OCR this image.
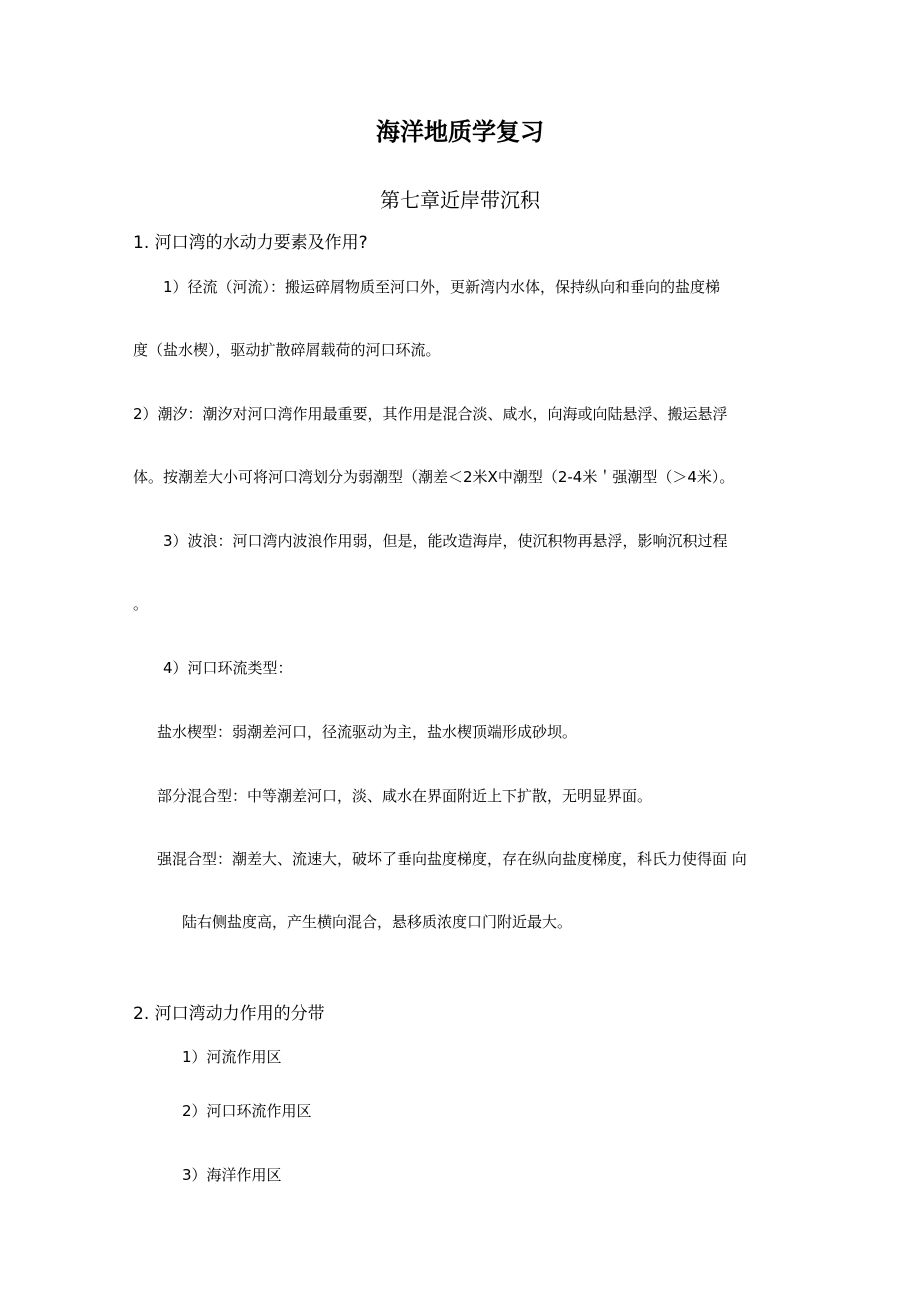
海洋地质学复习
第七章近岸带沉积
1. 河口湾的水动力要素及作用?
1）径流（河流）：搬运碎屑物质至河口外，更新湾内水体，保持纵向和垂向的盐度梯
度（盐水楔），驱动扩散碎屑载荷的河口环流。
2）潮汐：潮汐对河口湾作用最重要，其作用是混合淡、咸水，向海或向陆悬浮、搬运悬浮
体。按潮差大小可将河口湾划分为弱潮型（潮差＜2米X中潮型（2-4米＇强潮型（＞4米）。
3）波浪：河口湾内波浪作用弱，但是，能改造海岸，使沉积物再悬浮，影响沉积过程
。
4）河口环流类型：
盐水楔型：弱潮差河口，径流驱动为主，盐水楔顶端形成砂坝。
部分混合型：中等潮差河口，淡、咸水在界面附近上下扩散，无明显界面。
强混合型：潮差大、流速大，破坏了垂向盐度梯度，存在纵向盐度梯度，科氏力使得面 向
陆右侧盐度高，产生横向混合，悬移质浓度口门附近最大。
2. 河口湾动力作用的分带
1）河流作用区
2）河口环流作用区
3）海洋作用区
